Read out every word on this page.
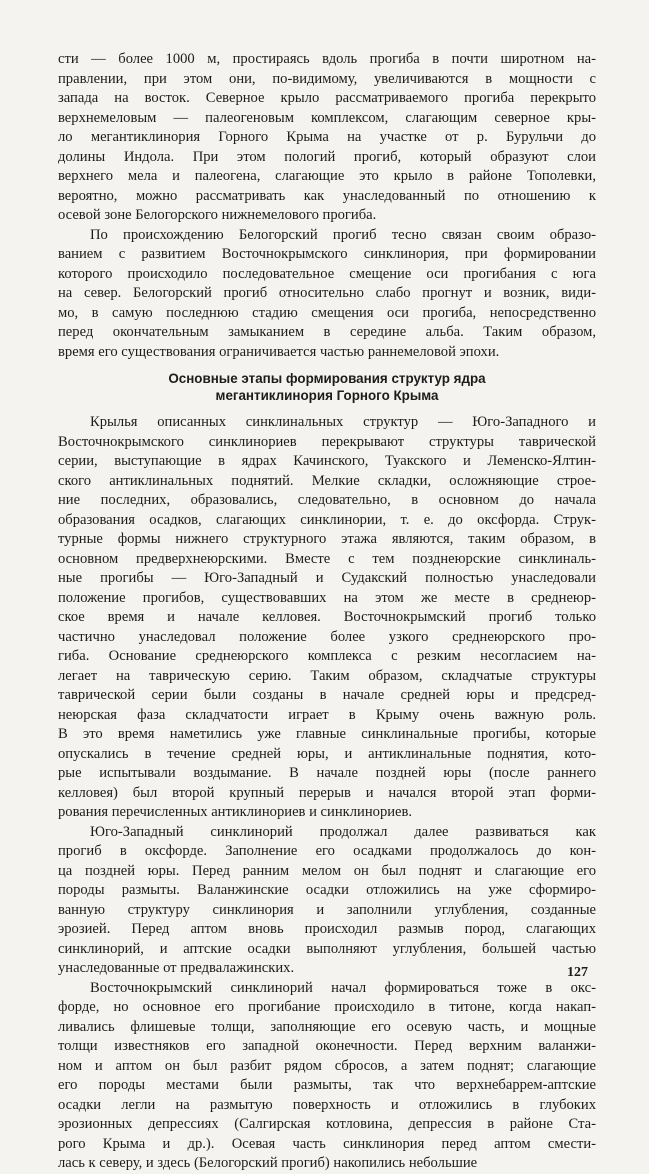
сти — более 1000 м, простираясь вдоль прогиба в почти широтном на-
правлении, при этом они, по-видимому, увеличиваются в мощности с
запада на восток. Северное крыло рассматриваемого прогиба перекрыто
верхнемеловым — палеогеновым комплексом, слагающим северное кры-
ло мегантиклинория Горного Крыма на участке от р. Бурульчи до
долины Индола. При этом пологий прогиб, который образуют слои
верхнего мела и палеогена, слагающие это крыло в районе Тополевки,
вероятно, можно рассматривать как унаследованный по отношению к
осевой зоне Белогорского нижнемелового прогиба.
По происхождению Белогорский прогиб тесно связан своим образо-
ванием с развитием Восточнокрымского синклинория, при формировании
которого происходило последовательное смещение оси прогибания с юга
на север. Белогорский прогиб относительно слабо прогнут и возник, види-
мо, в самую последнюю стадию смещения оси прогиба, непосредственно
перед окончательным замыканием в середине альба. Таким образом,
время его существования ограничивается частью раннемеловой эпохи.
Основные этапы формирования структур ядра
мегантиклинория Горного Крыма
Крылья описанных синклинальных структур — Юго-Западного и
Восточнокрымского синклинориев перекрывают структуры таврической
серии, выступающие в ядрах Качинского, Туакского и Леменско-Ялтин-
ского антиклинальных поднятий. Мелкие складки, осложняющие строе-
ние последних, образовались, следовательно, в основном до начала
образования осадков, слагающих синклинории, т. е. до оксфорда. Струк-
турные формы нижнего структурного этажа являются, таким образом, в
основном предверхнеюрскими. Вместе с тем позднеюрские синклиналь-
ные прогибы — Юго-Западный и Судакский полностью унаследовали
положение прогибов, существовавших на этом же месте в среднеюр-
ское время и начале келловея. Восточнокрымский прогиб только
частично унаследовал положение более узкого среднеюрского про-
гиба. Основание среднеюрского комплекса с резким несогласием на-
легает на таврическую серию. Таким образом, складчатые структуры
таврической серии были созданы в начале средней юры и предсред-
неюрская фаза складчатости играет в Крыму очень важную роль.
В это время наметились уже главные синклинальные прогибы, которые
опускались в течение средней юры, и антиклинальные поднятия, кото-
рые испытывали воздымание. В начале поздней юры (после раннего
келловея) был второй крупный перерыв и начался второй этап форми-
рования перечисленных антиклинориев и синклинориев.
Юго-Западный синклинорий продолжал далее развиваться как
прогиб в оксфорде. Заполнение его осадками продолжалось до кон-
ца поздней юры. Перед ранним мелом он был поднят и слагающие его
породы размыты. Валанжинские осадки отложились на уже сформиро-
ванную структуру синклинория и заполнили углубления, созданные
эрозией. Перед аптом вновь происходил размыв пород, слагающих
синклинорий, и аптские осадки выполняют углубления, большей частью
унаследованные от предвалажинских.
Восточнокрымский синклинорий начал формироваться тоже в окс-
форде, но основное его прогибание происходило в титоне, когда накап-
ливались флишевые толщи, заполняющие его осевую часть, и мощные
толщи известняков его западной оконечности. Перед верхним валанжи-
ном и аптом он был разбит рядом сбросов, а затем поднят; слагающие
его породы местами были размыты, так что верхнебаррем-аптские
осадки легли на размытую поверхность и отложились в глубоких
эрозионных депрессиях (Салгирская котловина, депрессия в районе Ста-
рого Крыма и др.). Осевая часть синклинория перед аптом смести-
лась к северу, и здесь (Белогорский прогиб) накопились небольшие
127
